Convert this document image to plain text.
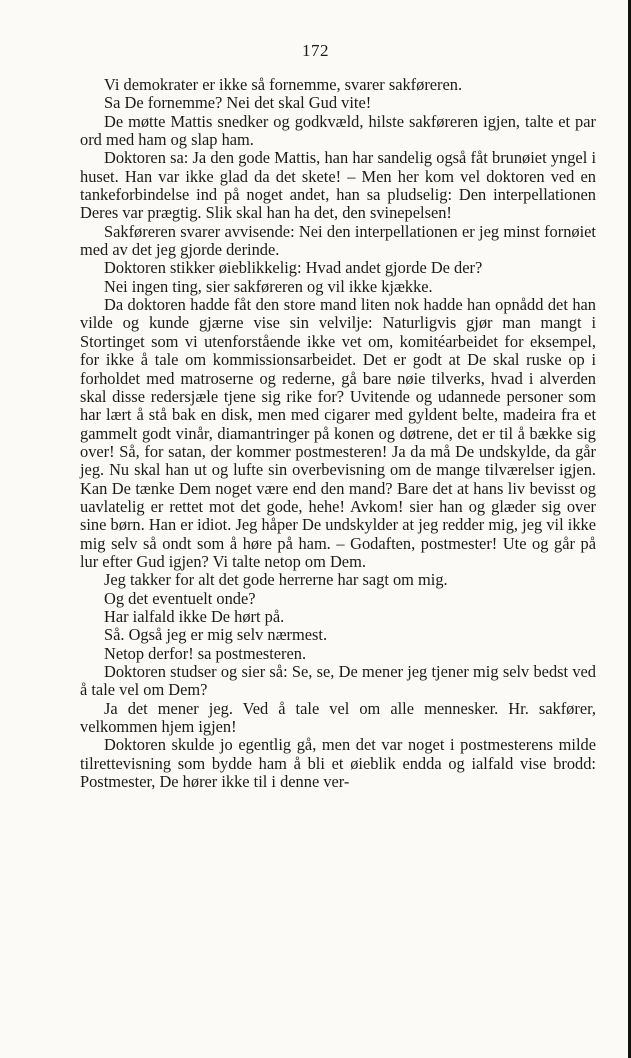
172

Vi demokrater er ikke så fornemme, svarer sakføreren.

Sa De fornemme? Nei det skal Gud vite!

De møtte Mattis snedker og godkvæld, hilste sakføreren igjen, talte et par ord med ham og slap ham.

Doktoren sa: Ja den gode Mattis, han har sandelig også fåt brunøiet yngel i huset. Han var ikke glad da det skete! – Men her kom vel doktoren ved en tankeforbindelse ind på noget andet, han sa pludselig: Den interpellationen Deres var prægtig. Slik skal han ha det, den svinepelsen!

Sakføreren svarer avvisende: Nei den interpellationen er jeg minst fornøiet med av det jeg gjorde derinde.

Doktoren stikker øieblikkelig: Hvad andet gjorde De der?

Nei ingen ting, sier sakføreren og vil ikke kjække.

Da doktoren hadde fåt den store mand liten nok hadde han opnådd det han vilde og kunde gjærne vise sin velvilje: Naturligvis gjør man mangt i Stortinget som vi utenforstående ikke vet om, komitéarbeidet for eksempel, for ikke å tale om kommissionsarbeidet. Det er godt at De skal ruske op i forholdet med matroserne og rederne, gå bare nøie tilverks, hvad i alverden skal disse redersjæle tjene sig rike for? Uvitende og udannede personer som har lært å stå bak en disk, men med cigarer med gyldent belte, madeira fra et gammelt godt vinår, diamantringer på konen og døtrene, det er til å bække sig over! Så, for satan, der kommer postmesteren! Ja da må De undskylde, da går jeg. Nu skal han ut og lufte sin overbevisning om de mange tilværelser igjen. Kan De tænke Dem noget være end den mand? Bare det at hans liv bevisst og uavlatelig er rettet mot det gode, hehe! Avkom! sier han og glæder sig over sine børn. Han er idiot. Jeg håper De undskylder at jeg redder mig, jeg vil ikke mig selv så ondt som å høre på ham. – Godaften, postmester! Ute og går på lur efter Gud igjen? Vi talte netop om Dem.

Jeg takker for alt det gode herrerne har sagt om mig.

Og det eventuelt onde?

Har ialfald ikke De hørt på.

Så. Også jeg er mig selv nærmest.

Netop derfor! sa postmesteren.

Doktoren studser og sier så: Se, se, De mener jeg tjener mig selv bedst ved å tale vel om Dem?

Ja det mener jeg. Ved å tale vel om alle mennesker. Hr. sakfører, velkommen hjem igjen!

Doktoren skulde jo egentlig gå, men det var noget i postmesterens milde tilrettevisning som bydde ham å bli et øieblik endda og ialfald vise brodd: Postmester, De hører ikke til i denne ver-
